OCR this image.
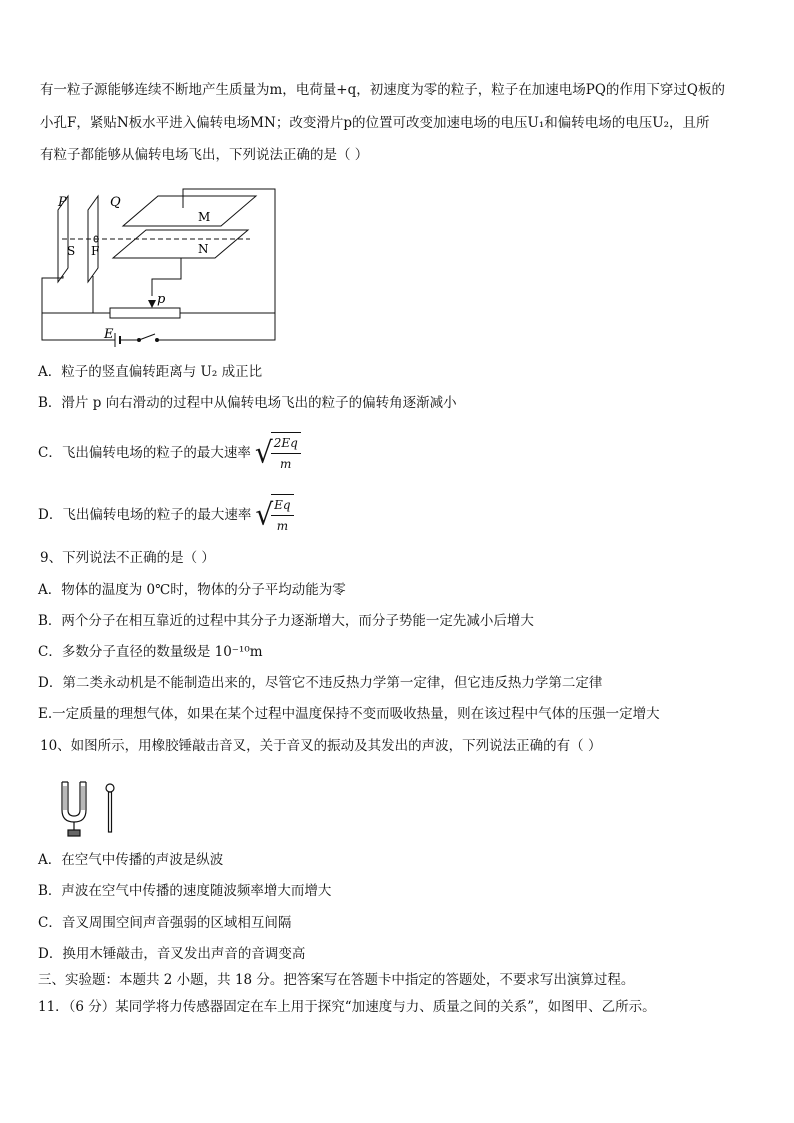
有一粒子源能够连续不断地产生质量为m，电荷量+q，初速度为零的粒子，粒子在加速电场PQ的作用下穿过Q板的
小孔F，紧贴N板水平进入偏转电场MN；改变滑片p的位置可改变加速电场的电压U₁和偏转电场的电压U₂，且所
有粒子都能够从偏转电场飞出，下列说法正确的是（ ）
P	Q
S F
M
N
p
E
A．粒子的竖直偏转距离与 U₂ 成正比
B．滑片 p 向右滑动的过程中从偏转电场飞出的粒子的偏转角逐渐减小
C．飞出偏转电场的粒子的最大速率 √
$\frac{2Eq}{m}$
D．飞出偏转电场的粒子的最大速率 √
$\frac{Eq}{m}$
9、下列说法不正确的是（ ）
A．物体的温度为 0℃时，物体的分子平均动能为零
B．两个分子在相互靠近的过程中其分子力逐渐增大，而分子势能一定先减小后增大
C．多数分子直径的数量级是 10⁻¹⁰m
D．第二类永动机是不能制造出来的，尽管它不违反热力学第一定律，但它违反热力学第二定律
E.一定质量的理想气体，如果在某个过程中温度保持不变而吸收热量，则在该过程中气体的压强一定增大
10、如图所示，用橡胶锤敲击音叉，关于音叉的振动及其发出的声波，下列说法正确的有（ ）
A．在空气中传播的声波是纵波
B．声波在空气中传播的速度随波频率增大而增大
C．音叉周围空间声音强弱的区域相互间隔
D．换用木锤敲击，音叉发出声音的音调变高
三、实验题：本题共 2 小题，共 18 分。把答案写在答题卡中指定的答题处，不要求写出演算过程。
11．（6 分）某同学将力传感器固定在车上用于探究“加速度与力、质量之间的关系”，如图甲、乙所示。
